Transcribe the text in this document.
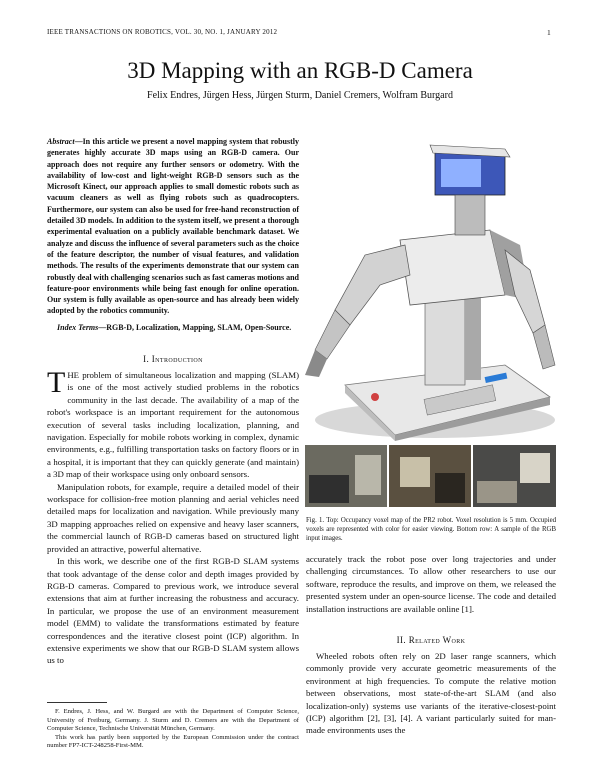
IEEE TRANSACTIONS ON ROBOTICS, VOL. 30, NO. 1, JANUARY 2012	1
3D Mapping with an RGB-D Camera
Felix Endres, Jürgen Hess, Jürgen Sturm, Daniel Cremers, Wolfram Burgard
Abstract—In this article we present a novel mapping system that robustly generates highly accurate 3D maps using an RGB-D camera. Our approach does not require any further sensors or odometry. With the availability of low-cost and light-weight RGB-D sensors such as the Microsoft Kinect, our approach applies to small domestic robots such as vacuum cleaners as well as flying robots such as quadrocopters. Furthermore, our system can also be used for free-hand reconstruction of detailed 3D models. In addition to the system itself, we present a thorough experimental evaluation on a publicly available benchmark dataset. We analyze and discuss the influence of several parameters such as the choice of the feature descriptor, the number of visual features, and validation methods. The results of the experiments demonstrate that our system can robustly deal with challenging scenarios such as fast cameras motions and feature-poor environments while being fast enough for online operation. Our system is fully available as open-source and has already been widely adopted by the robotics community.
Index Terms—RGB-D, Localization, Mapping, SLAM, Open-Source.
I. Introduction

THE problem of simultaneous localization and mapping (SLAM) is one of the most actively studied problems in the robotics community in the last decade. The availability of a map of the robot's workspace is an important requirement for the autonomous execution of several tasks including localization, planning, and navigation. Especially for mobile robots working in complex, dynamic environments, e.g., fulfilling transportation tasks on factory floors or in a hospital, it is important that they can quickly generate (and maintain) a 3D map of their workspace using only onboard sensors.

Manipulation robots, for example, require a detailed model of their workspace for collision-free motion planning and aerial vehicles need detailed maps for localization and navigation. While previously many 3D mapping approaches relied on expensive and heavy laser scanners, the commercial launch of RGB-D cameras based on structured light provided an attractive, powerful alternative.

In this work, we describe one of the first RGB-D SLAM systems that took advantage of the dense color and depth images provided by RGB-D cameras. Compared to previous work, we introduce several extensions that aim at further increasing the robustness and accuracy. In particular, we propose the use of an environment measurement model (EMM) to validate the transformations estimated by feature correspondences and the iterative closest point (ICP) algorithm. In extensive experiments we show that our RGB-D SLAM system allows us to

F. Endres, J. Hess, and W. Burgard are with the Department of Computer Science, University of Freiburg, Germany. J. Sturm and D. Cremers are with the Department of Computer Science, Technische Universität München, Germany.

This work has partly been supported by the European Commission under the contract number FP7-ICT-248258-First-MM.

Fig. 1. Top: Occupancy voxel map of the PR2 robot. Voxel resolution is 5 mm. Occupied voxels are represented with color for easier viewing. Bottom row: A sample of the RGB input images.
accurately track the robot pose over long trajectories and under challenging circumstances. To allow other researchers to use our software, reproduce the results, and improve on them, we released the presented system under an open-source license. The code and detailed installation instructions are available online [1].
II. Related Work
Wheeled robots often rely on 2D laser range scanners, which commonly provide very accurate geometric measurements of the environment at high frequencies. To compute the relative motion between observations, most state-of-the-art SLAM (and also localization-only) systems use variants of the iterative-closest-point (ICP) algorithm [2], [3], [4]. A variant particularly suited for man-made environments uses the
